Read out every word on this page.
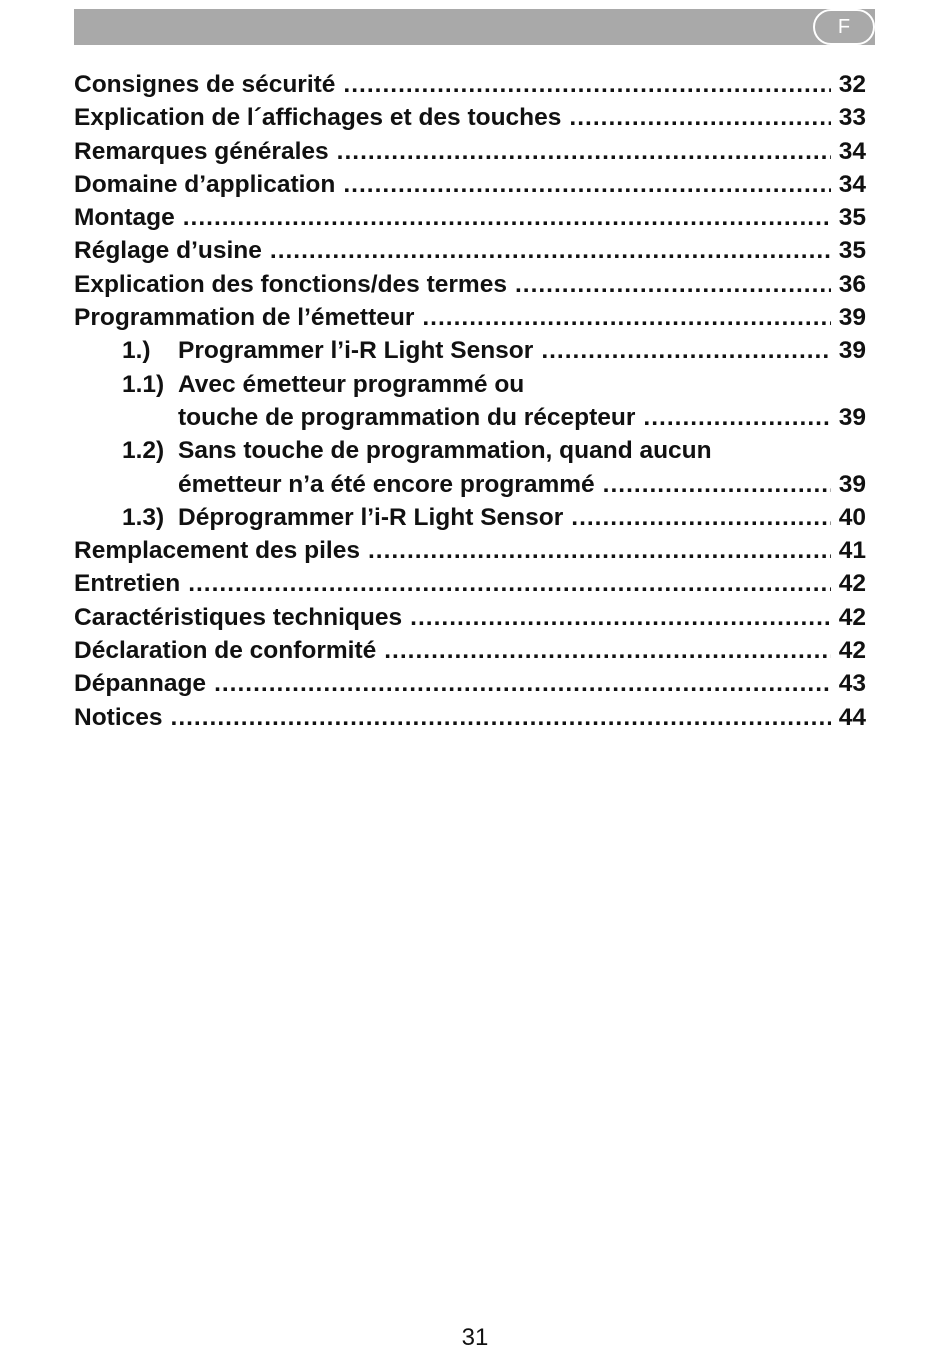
F
Consignes de sécurité .....	32
Explication de l´affichages et des touches .....	33
Remarques générales .....	34
Domaine d’application .....	34
Montage .....	35
Réglage d’usine .....	35
Explication des fonctions/des termes .....	36
Programmation de l’émetteur .....	39
1.)	Programmer l’i-R Light Sensor .....	39
1.1) Avec émetteur programmé ou
touche de programmation du récepteur .....	39
1.2) Sans touche de programmation, quand aucun
émetteur n’a été encore programmé .....	39
1.3) Déprogrammer l’i-R Light Sensor .....	40
Remplacement des piles .....	41
Entretien .....	42
Caractéristiques techniques .....	42
Déclaration de conformité .....	42
Dépannage .....	43
Notices .....	44
31
